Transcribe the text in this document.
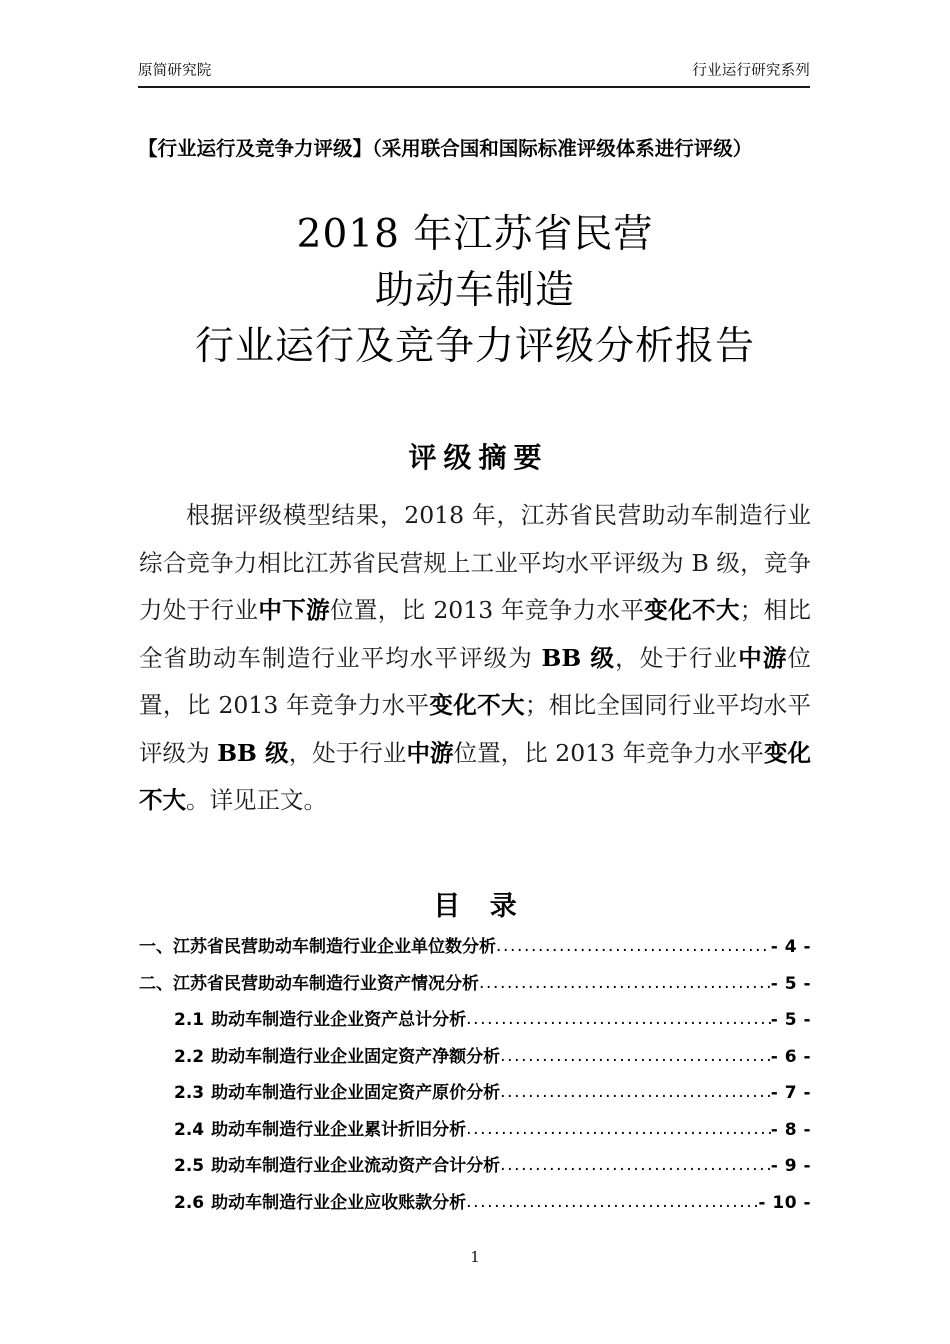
原简研究院	行业运行研究系列
【行业运行及竞争力评级】（采用联合国和国际标准评级体系进行评级）
2018 年江苏省民营
助动车制造
行业运行及竞争力评级分析报告
评级摘要
根据评级模型结果，2018 年，江苏省民营助动车制造行业综合竞争力相比江苏省民营规上工业平均水平评级为 B 级，竞争力处于行业中下游位置，比 2013 年竞争力水平变化不大；相比全省助动车制造行业平均水平评级为 BB 级，处于行业中游位置，比 2013 年竞争力水平变化不大；相比全国同行业平均水平评级为 BB 级，处于行业中游位置，比 2013 年竞争力水平变化不大。详见正文。
目 录
一、江苏省民营助动车制造行业企业单位数分析 .....	- 4 -
二、江苏省民营助动车制造行业资产情况分析 .....	- 5 -
2.1 助动车制造行业企业资产总计分析 .....	- 5 -
2.2 助动车制造行业企业固定资产净额分析 .....	- 6 -
2.3 助动车制造行业企业固定资产原价分析 .....	- 7 -
2.4 助动车制造行业企业累计折旧分析 .....	- 8 -
2.5 助动车制造行业企业流动资产合计分析 .....	- 9 -
2.6 助动车制造行业企业应收账款分析 .....	- 10 -
1
